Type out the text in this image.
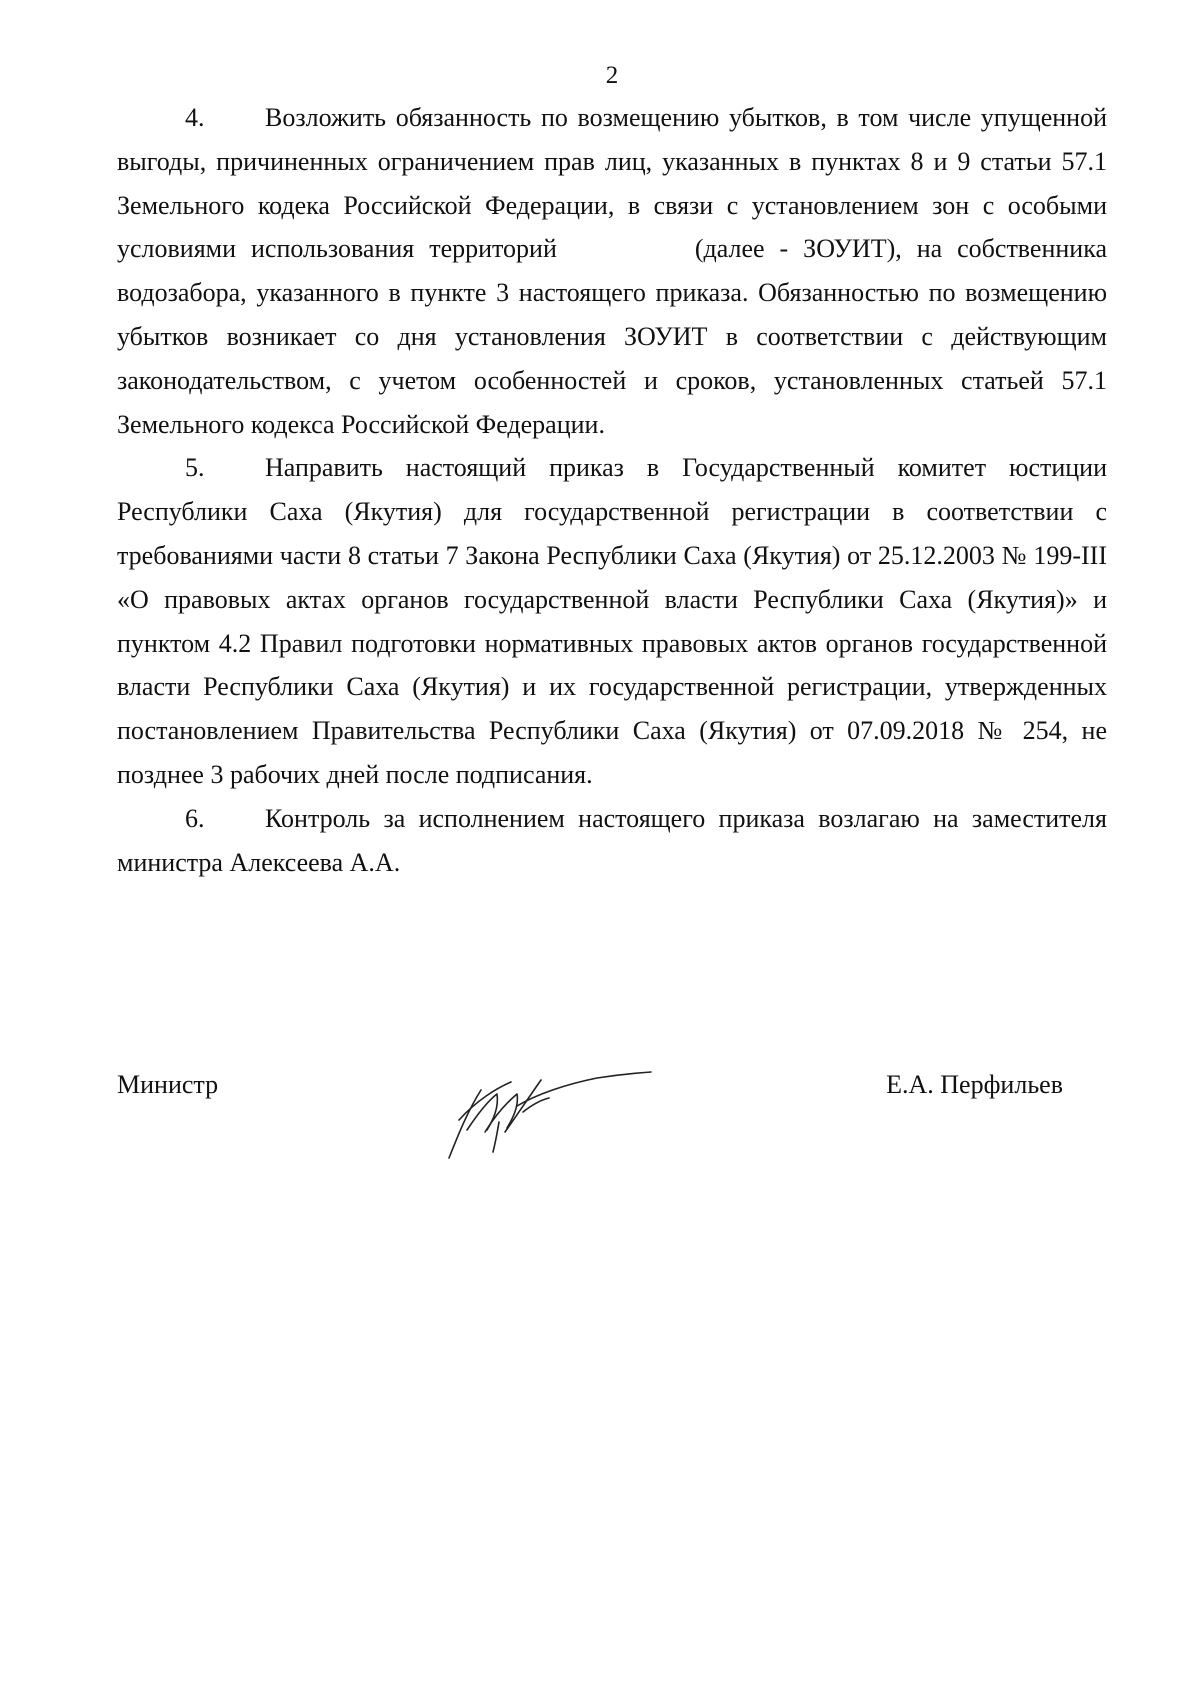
2

4. Возложить обязанность по возмещению убытков, в том числе упущенной выгоды, причиненных ограничением прав лиц, указанных в пунктах 8 и 9 статьи 57.1 Земельного кодека Российской Федерации, в связи с установлением зон с особыми условиями использования территорий	(далее - ЗОУИТ), на собственника водозабора, указанного в пункте 3 настоящего приказа. Обязанностью по возмещению убытков возникает со дня установления ЗОУИТ в соответствии с действующим законодательством, с учетом особенностей и сроков, установленных статьей 57.1 Земельного кодекса Российской Федерации.

5. Направить настоящий приказ в Государственный комитет юстиции Республики Саха (Якутия) для государственной регистрации в соответствии с требованиями части 8 статьи 7 Закона Республики Саха (Якутия) от 25.12.2003 № 199-III «О правовых актах органов государственной власти Республики Саха (Якутия)» и пунктом 4.2 Правил подготовки нормативных правовых актов органов государственной власти Республики Саха (Якутия) и их государственной регистрации, утвержденных постановлением Правительства Республики Саха (Якутия) от 07.09.2018 № 254, не позднее 3 рабочих дней после подписания.

6. Контроль за исполнением настоящего приказа возлагаю на заместителя министра Алексеева А.А.

Министр	Е.А. Перфильев
